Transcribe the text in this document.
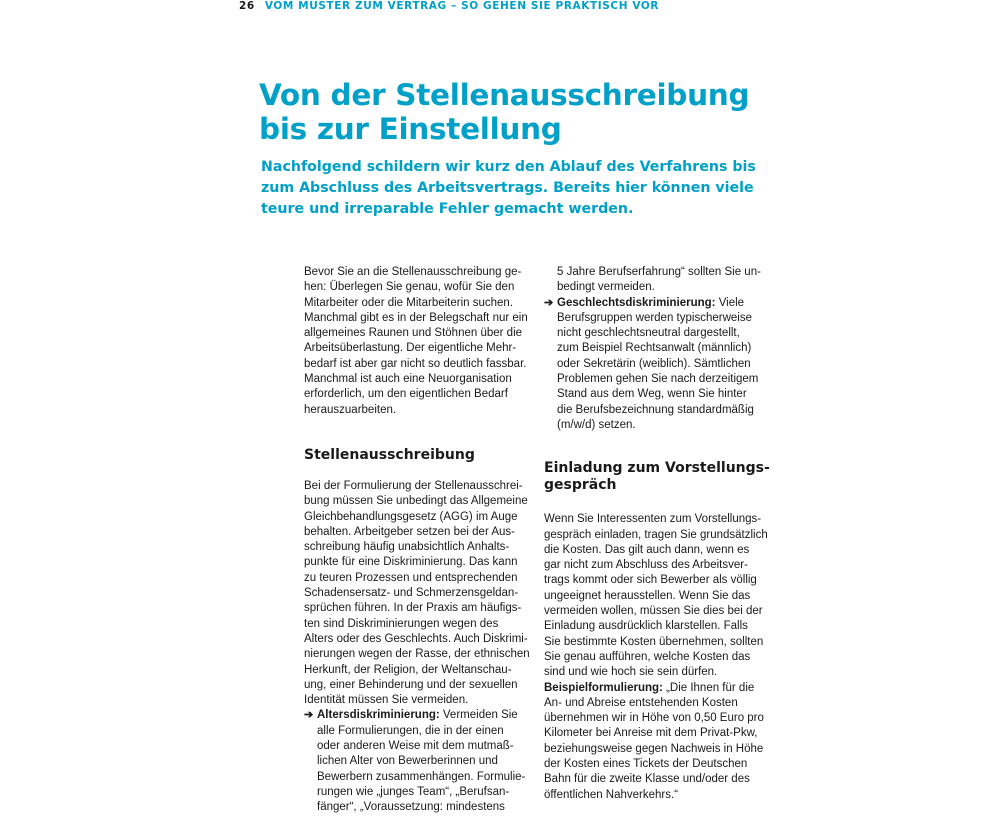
26 VOM MUSTER ZUM VERTRAG – SO GEHEN SIE PRAKTISCH VOR
Von der Stellenausschreibung
bis zur Einstellung

Nachfolgend schildern wir kurz den Ablauf des Verfahrens bis
zum Abschluss des Arbeitsvertrags. Bereits hier können viele
teure und irreparable Fehler gemacht werden.

Bevor Sie an die Stellenausschreibung ge-
hen: Überlegen Sie genau, wofür Sie den
Mitarbeiter oder die Mitarbeiterin suchen.
Manchmal gibt es in der Belegschaft nur ein
allgemeines Raunen und Stöhnen über die
Arbeitsüberlastung. Der eigentliche Mehr-
bedarf ist aber gar nicht so deutlich fassbar.
Manchmal ist auch eine Neuorganisation
erforderlich, um den eigentlichen Bedarf
herauszuarbeiten.
Stellenausschreibung
Bei der Formulierung der Stellenausschrei-
bung müssen Sie unbedingt das Allgemeine
Gleichbehandlungsgesetz (AGG) im Auge
behalten. Arbeitgeber setzen bei der Aus-
schreibung häufig unabsichtlich Anhalts-
punkte für eine Diskriminierung. Das kann
zu teuren Prozessen und entsprechenden
Schadensersatz- und Schmerzensgeldan-
sprüchen führen. In der Praxis am häufigs-
ten sind Diskriminierungen wegen des
Alters oder des Geschlechts. Auch Diskrimi-
nierungen wegen der Rasse, der ethnischen
Herkunft, der Religion, der Weltanschau-
ung, einer Behinderung und der sexuellen
Identität müssen Sie vermeiden.
➔ Altersdiskriminierung: Vermeiden Sie
alle Formulierungen, die in der einen
oder anderen Weise mit dem mutmaß-
lichen Alter von Bewerberinnen und
Bewerbern zusammenhängen. Formulie-
rungen wie „junges Team“, „Berufsan-
fänger“, „Voraussetzung: mindestens
5 Jahre Berufserfahrung“ sollten Sie un-
bedingt vermeiden.
➔ Geschlechtsdiskriminierung: Viele
Berufsgruppen werden typischerweise
nicht geschlechtsneutral dargestellt,
zum Beispiel Rechtsanwalt (männlich)
oder Sekretärin (weiblich). Sämtlichen
Problemen gehen Sie nach derzeitigem
Stand aus dem Weg, wenn Sie hinter
die Berufsbezeichnung standardmäßig
(m/w/d) setzen.
Einladung zum Vorstellungs-
gespräch
Wenn Sie Interessenten zum Vorstellungs-
gespräch einladen, tragen Sie grundsätzlich
die Kosten. Das gilt auch dann, wenn es
gar nicht zum Abschluss des Arbeitsver-
trags kommt oder sich Bewerber als völlig
ungeeignet herausstellen. Wenn Sie das
vermeiden wollen, müssen Sie dies bei der
Einladung ausdrücklich klarstellen. Falls
Sie bestimmte Kosten übernehmen, sollten
Sie genau aufführen, welche Kosten das
sind und wie hoch sie sein dürfen.
Beispielformulierung: „Die Ihnen für die
An- und Abreise entstehenden Kosten
übernehmen wir in Höhe von 0,50 Euro pro
Kilometer bei Anreise mit dem Privat-Pkw,
beziehungsweise gegen Nachweis in Höhe
der Kosten eines Tickets der Deutschen
Bahn für die zweite Klasse und/oder des
öffentlichen Nahverkehrs.“
